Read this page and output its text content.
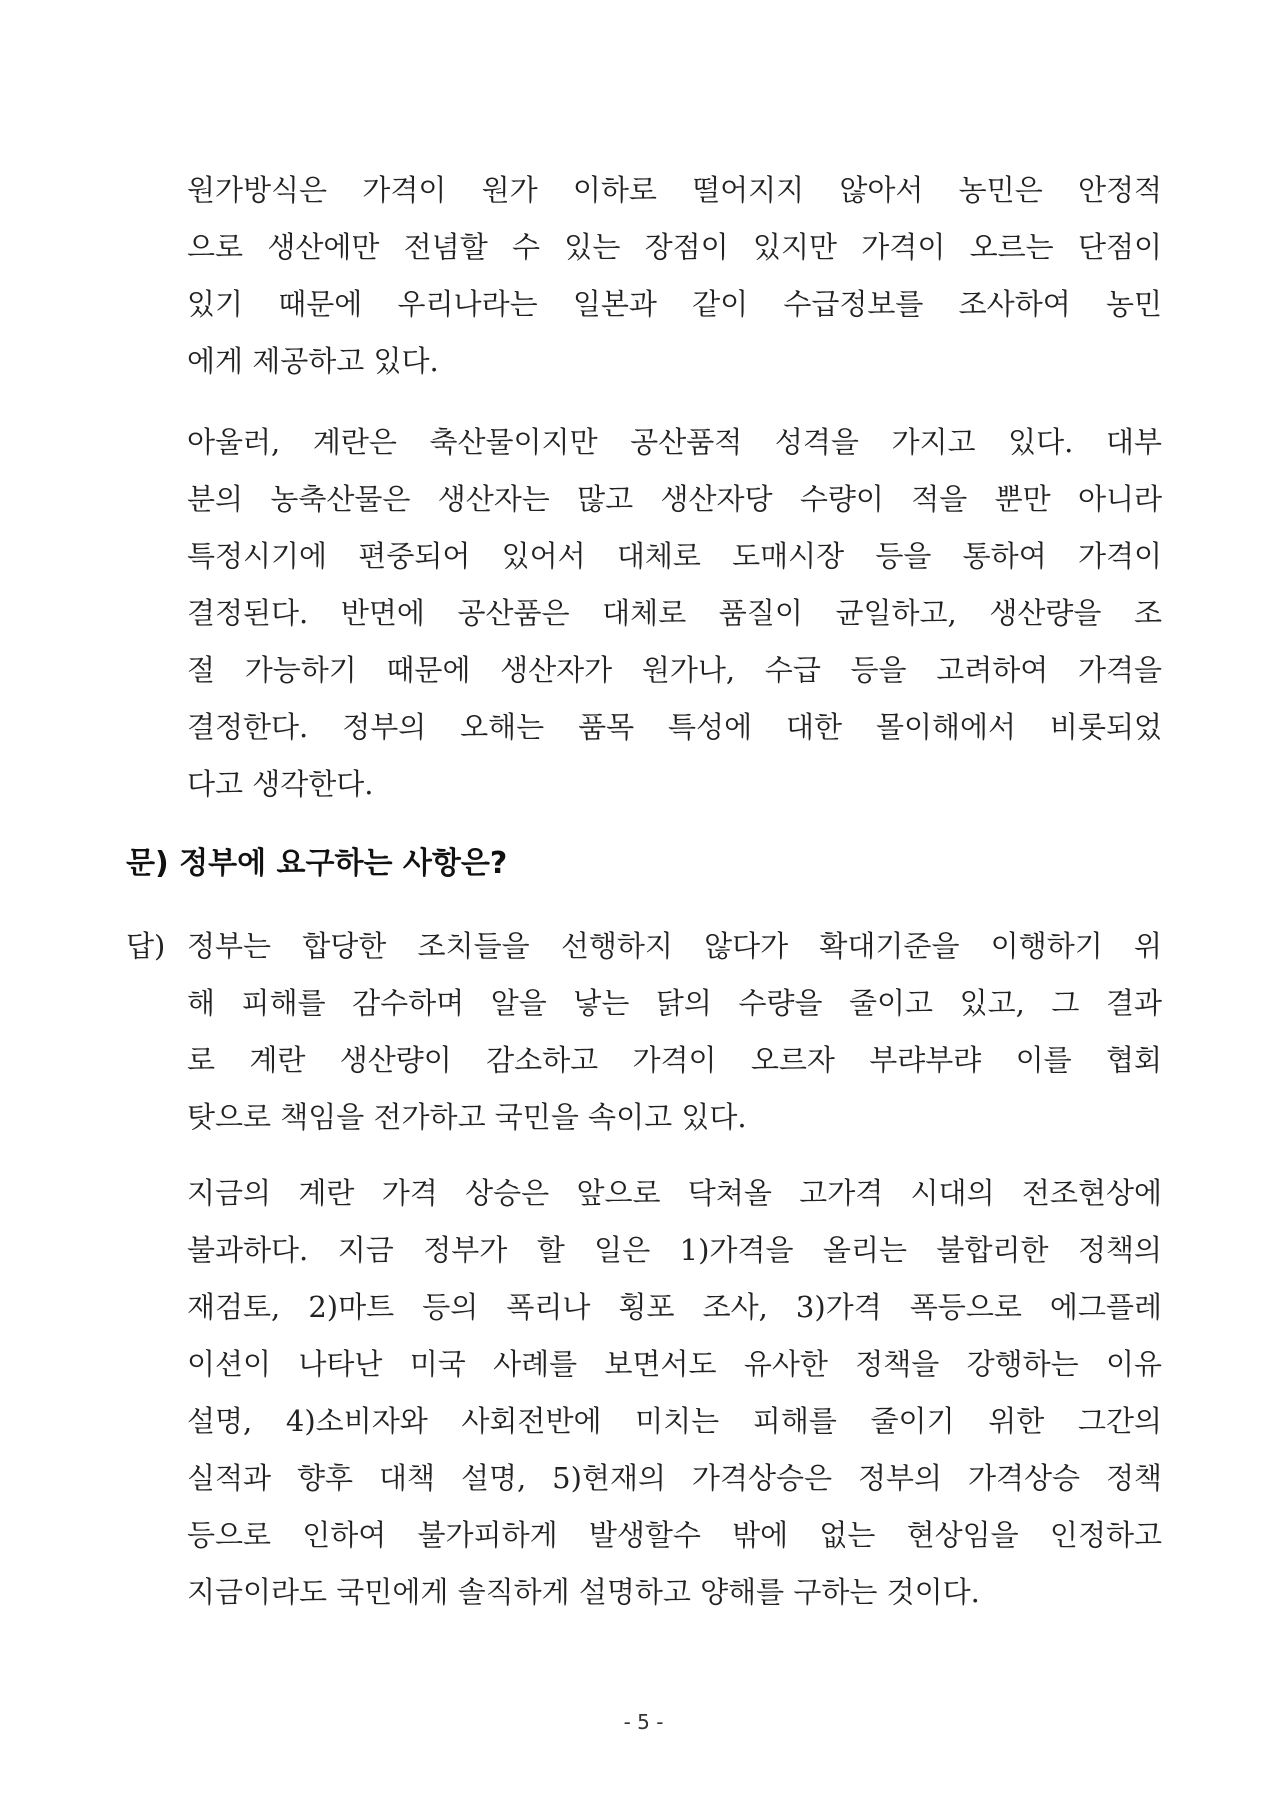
원가방식은 가격이 원가 이하로 떨어지지 않아서 농민은 안정적
으로 생산에만 전념할 수 있는 장점이 있지만 가격이 오르는 단점이
있기 때문에 우리나라는 일본과 같이 수급정보를 조사하여 농민
에게 제공하고 있다.
아울러, 계란은 축산물이지만 공산품적 성격을 가지고 있다. 대부
분의 농축산물은 생산자는 많고 생산자당 수량이 적을 뿐만 아니라
특정시기에 편중되어 있어서 대체로 도매시장 등을 통하여 가격이
결정된다. 반면에 공산품은 대체로 품질이 균일하고, 생산량을 조
절 가능하기 때문에 생산자가 원가나, 수급 등을 고려하여 가격을
결정한다. 정부의 오해는 품목 특성에 대한 몰이해에서 비롯되었
다고 생각한다.
문) 정부에 요구하는 사항은?
답) 정부는 합당한 조치들을 선행하지 않다가 확대기준을 이행하기 위
해 피해를 감수하며 알을 낳는 닭의 수량을 줄이고 있고, 그 결과
로 계란 생산량이 감소하고 가격이 오르자 부랴부랴 이를 협회
탓으로 책임을 전가하고 국민을 속이고 있다.
지금의 계란 가격 상승은 앞으로 닥쳐올 고가격 시대의 전조현상에
불과하다. 지금 정부가 할 일은 1)가격을 올리는 불합리한 정책의
재검토, 2)마트 등의 폭리나 횡포 조사, 3)가격 폭등으로 에그플레
이션이 나타난 미국 사례를 보면서도 유사한 정책을 강행하는 이유
설명, 4)소비자와 사회전반에 미치는 피해를 줄이기 위한 그간의
실적과 향후 대책 설명, 5)현재의 가격상승은 정부의 가격상승 정책
등으로 인하여 불가피하게 발생할수 밖에 없는 현상임을 인정하고
지금이라도 국민에게 솔직하게 설명하고 양해를 구하는 것이다.
- 5 -
